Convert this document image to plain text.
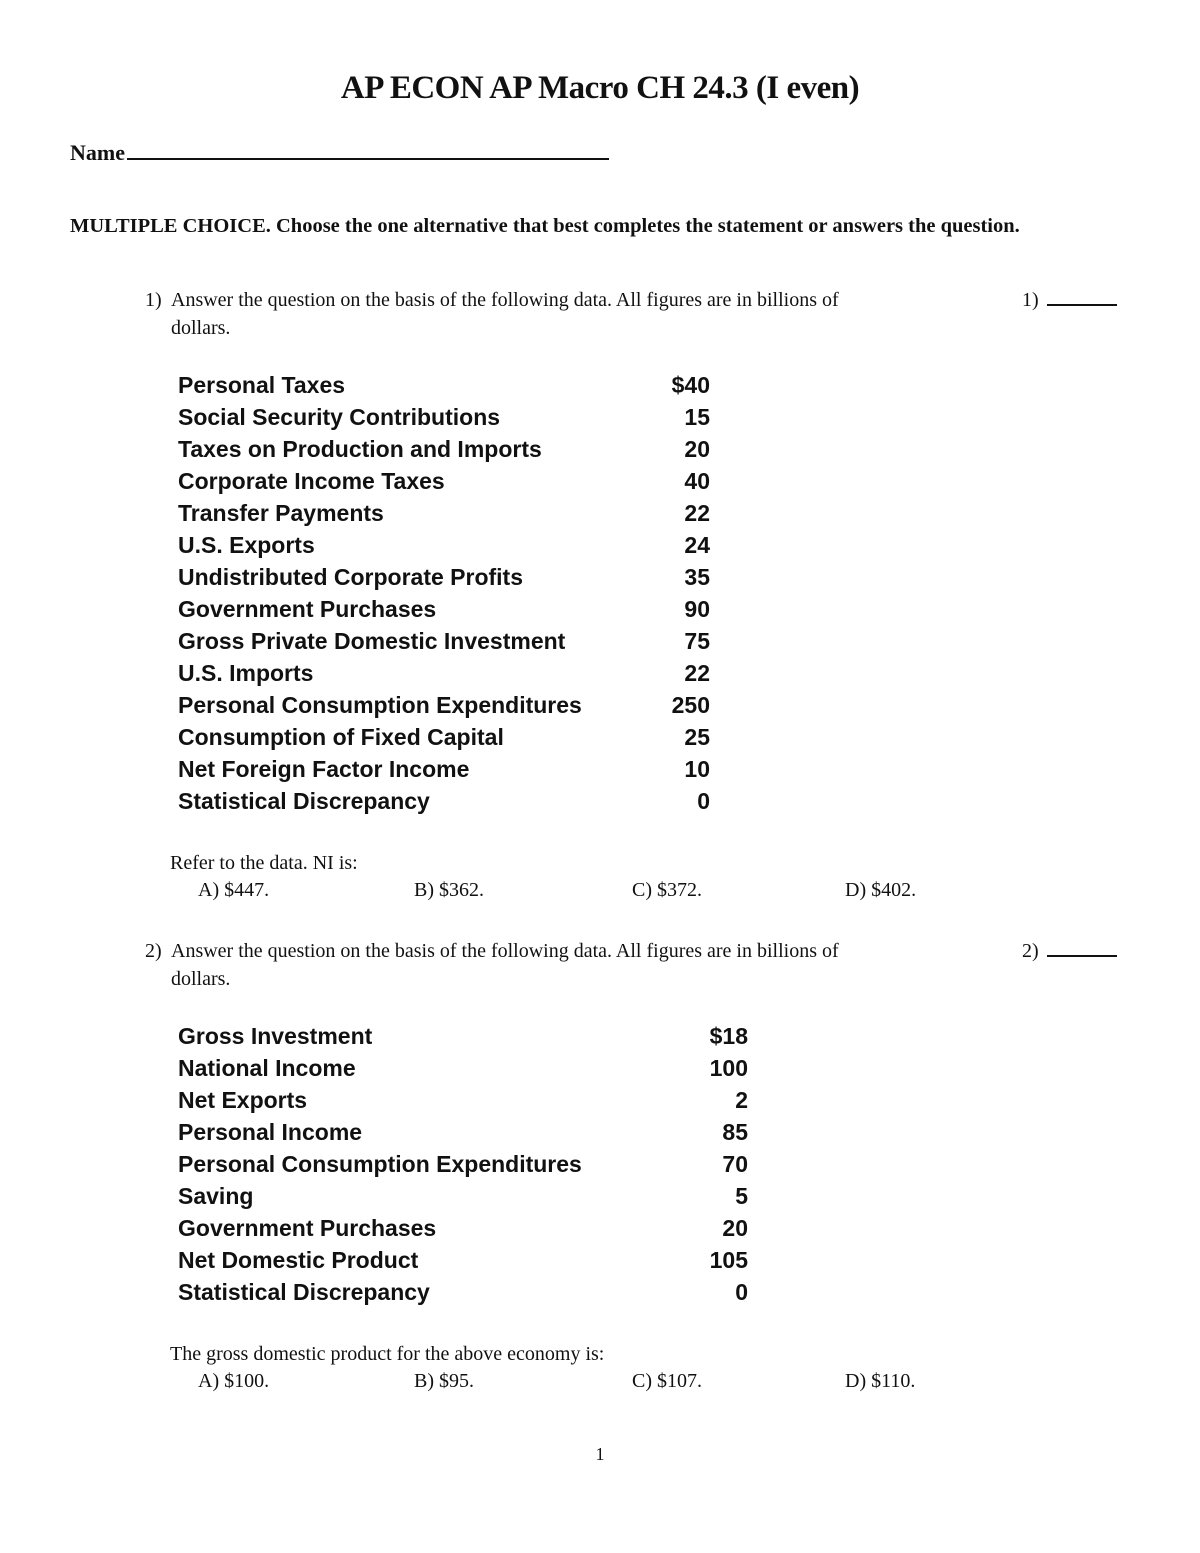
AP ECON AP Macro CH 24.3 (I even)
Name
MULTIPLE CHOICE. Choose the one alternative that best completes the statement or answers the question.
1) Answer the question on the basis of the following data. All figures are in billions of
dollars.
1)
Personal Taxes	$40
Social Security Contributions	15
Taxes on Production and Imports	20
Corporate Income Taxes	40
Transfer Payments	22
U.S. Exports	24
Undistributed Corporate Profits	35
Government Purchases	90
Gross Private Domestic Investment	75
U.S. Imports	22
Personal Consumption Expenditures	250
Consumption of Fixed Capital	25
Net Foreign Factor Income	10
Statistical Discrepancy	0
Refer to the data. NI is:
A) $447.	B) $362.	C) $372.	D) $402.
2) Answer the question on the basis of the following data. All figures are in billions of
dollars.
2)
Gross Investment	$18
National Income	100
Net Exports	2
Personal Income	85
Personal Consumption Expenditures	70
Saving	5
Government Purchases	20
Net Domestic Product	105
Statistical Discrepancy	0
The gross domestic product for the above economy is:
A) $100.	B) $95.	C) $107.	D) $110.
1
